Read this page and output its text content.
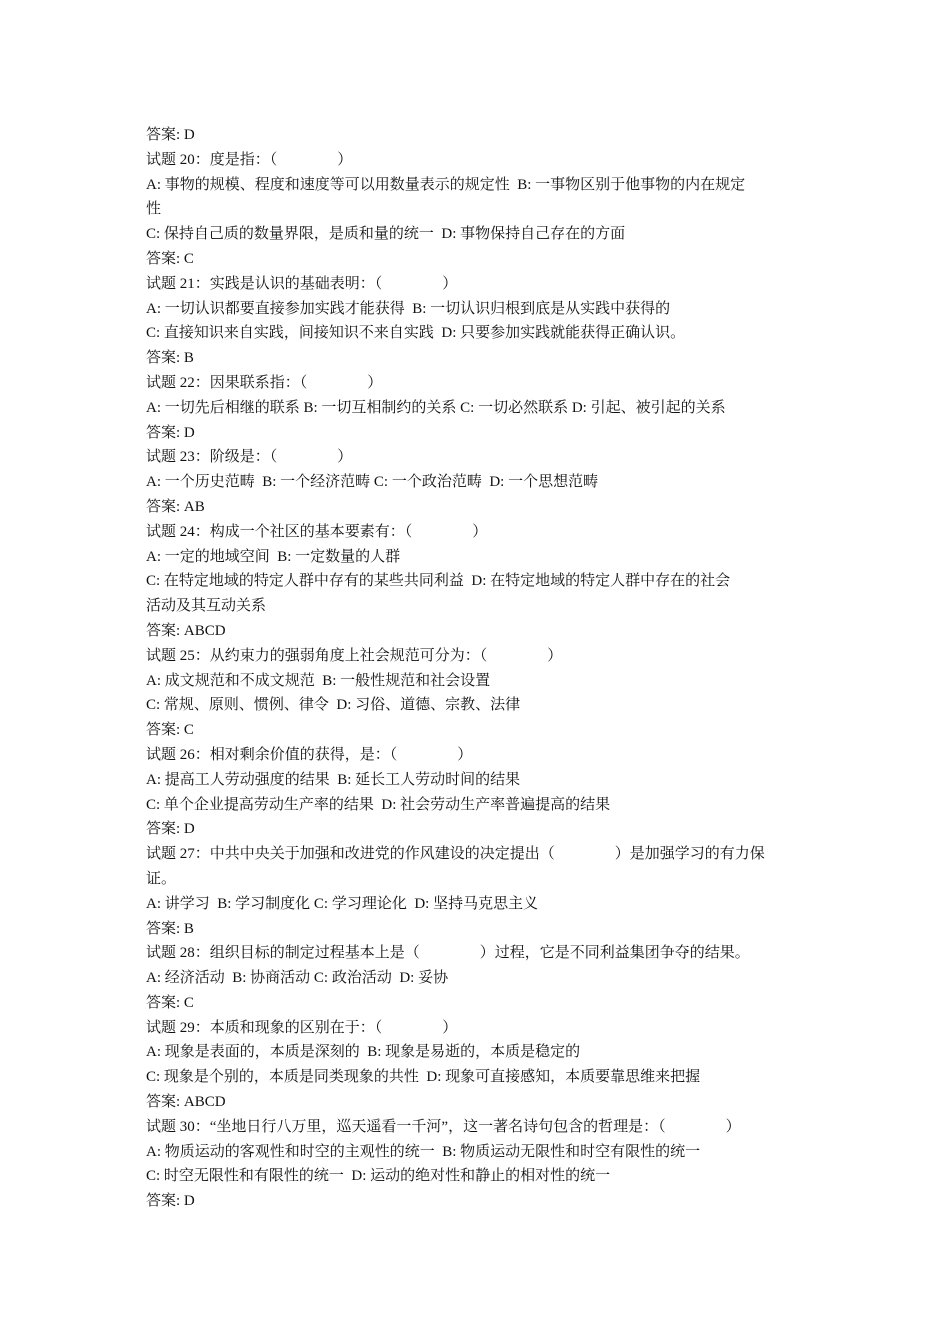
答案: D

试题 20：度是指：（　　　　）

A: 事物的规模、程度和速度等可以用数量表示的规定性  B: 一事物区别于他事物的内在规定

性

C: 保持自己质的数量界限，是质和量的统一  D: 事物保持自己存在的方面

答案: C

试题 21：实践是认识的基础表明：（　　　　）

A: 一切认识都要直接参加实践才能获得  B: 一切认识归根到底是从实践中获得的

C: 直接知识来自实践，间接知识不来自实践  D: 只要参加实践就能获得正确认识。

答案: B

试题 22：因果联系指：（　　　　）

A: 一切先后相继的联系 B: 一切互相制约的关系 C: 一切必然联系 D: 引起、被引起的关系

答案: D

试题 23：阶级是：（　　　　）

A: 一个历史范畴  B: 一个经济范畴 C: 一个政治范畴  D: 一个思想范畴

答案: AB

试题 24：构成一个社区的基本要素有：（　　　　）

A: 一定的地域空间  B: 一定数量的人群

C: 在特定地域的特定人群中存有的某些共同利益  D: 在特定地域的特定人群中存在的社会

活动及其互动关系

答案: ABCD

试题 25：从约束力的强弱角度上社会规范可分为：（　　　　）

A: 成文规范和不成文规范  B: 一般性规范和社会设置

C: 常规、原则、惯例、律令  D: 习俗、道德、宗教、法律

答案: C

试题 26：相对剩余价值的获得，是：（　　　　）

A: 提高工人劳动强度的结果  B: 延长工人劳动时间的结果

C: 单个企业提高劳动生产率的结果  D: 社会劳动生产率普遍提高的结果

答案: D

试题 27：中共中央关于加强和改进党的作风建设的决定提出（　　　　）是加强学习的有力保

证。

A: 讲学习  B: 学习制度化 C: 学习理论化  D: 坚持马克思主义

答案: B

试题 28：组织目标的制定过程基本上是（　　　　）过程，它是不同利益集团争夺的结果。

A: 经济活动  B: 协商活动 C: 政治活动  D: 妥协

答案: C

试题 29：本质和现象的区别在于：（　　　　）

A: 现象是表面的，本质是深刻的  B: 现象是易逝的，本质是稳定的

C: 现象是个别的，本质是同类现象的共性  D: 现象可直接感知，本质要靠思维来把握

答案: ABCD

试题 30：“坐地日行八万里，巡天遥看一千河”，这一著名诗句包含的哲理是：（　　　　）

A: 物质运动的客观性和时空的主观性的统一  B: 物质运动无限性和时空有限性的统一

C: 时空无限性和有限性的统一  D: 运动的绝对性和静止的相对性的统一

答案: D
